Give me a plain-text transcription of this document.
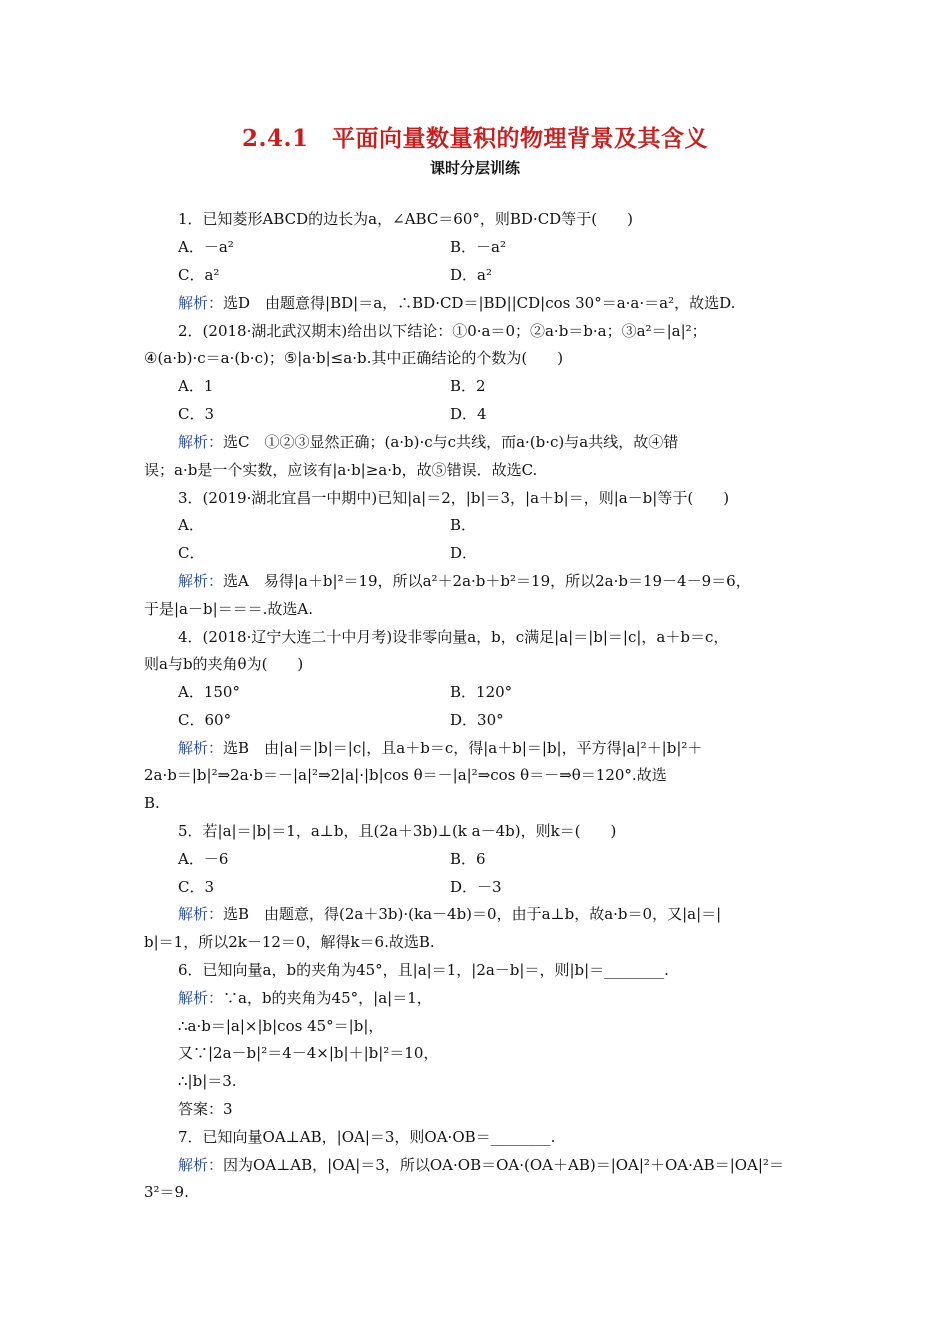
2.4.1　平面向量数量积的物理背景及其含义
课时分层训练
1．已知菱形ABCD的边长为a，∠ABC＝60°，则BD·CD等于(　　)
A．－a²	B．－a²
C．a²	D．a²
解析：选D　由题意得|BD|＝a，∴BD·CD＝|BD||CD|cos 30°＝a·a·＝a²，故选D.
2．(2018·湖北武汉期末)给出以下结论：①0·a＝0；②a·b＝b·a；③a²＝|a|²；
④(a·b)·c＝a·(b·c)；⑤|a·b|≤a·b.其中正确结论的个数为(　　)
A．1	B．2
C．3	D．4
解析：选C　①②③显然正确；(a·b)·c与c共线，而a·(b·c)与a共线，故④错
误；a·b是一个实数，应该有|a·b|≥a·b，故⑤错误．故选C.
3．(2019·湖北宜昌一中期中)已知|a|＝2，|b|＝3，|a＋b|＝，则|a－b|等于(　　)
A．	B．
C．	D．
解析：选A　易得|a＋b|²＝19，所以a²＋2a·b＋b²＝19，所以2a·b＝19－4－9＝6，
于是|a－b|＝＝＝.故选A.
4．(2018·辽宁大连二十中月考)设非零向量a，b，c满足|a|＝|b|＝|c|，a＋b＝c，
则a与b的夹角θ为(　　)
A．150°	B．120°
C．60°	D．30°
解析：选B　由|a|＝|b|＝|c|，且a＋b＝c，得|a＋b|＝|b|，平方得|a|²＋|b|²＋
2a·b＝|b|²⇒2a·b＝－|a|²⇒2|a|·|b|cos θ＝－|a|²⇒cos θ＝－⇒θ＝120°.故选
B.
5．若|a|＝|b|＝1，a⊥b，且(2a＋3b)⊥(k a－4b)，则k＝(　　)
A．－6	B．6
C．3	D．－3
解析：选B　由题意，得(2a＋3b)·(ka－4b)＝0，由于a⊥b，故a·b＝0，又|a|＝|
b|＝1，所以2k－12＝0，解得k＝6.故选B.
6．已知向量a，b的夹角为45°，且|a|＝1，|2a－b|＝，则|b|＝________.
解析：∵a，b的夹角为45°，|a|＝1，
∴a·b＝|a|×|b|cos 45°＝|b|，
又∵|2a－b|²＝4－4×|b|＋|b|²＝10，
∴|b|＝3.
答案：3
7．已知向量OA⊥AB，|OA|＝3，则OA·OB＝________.
解析：因为OA⊥AB，|OA|＝3，所以OA·OB＝OA·(OA＋AB)＝|OA|²＋OA·AB＝|OA|²＝
3²＝9.
